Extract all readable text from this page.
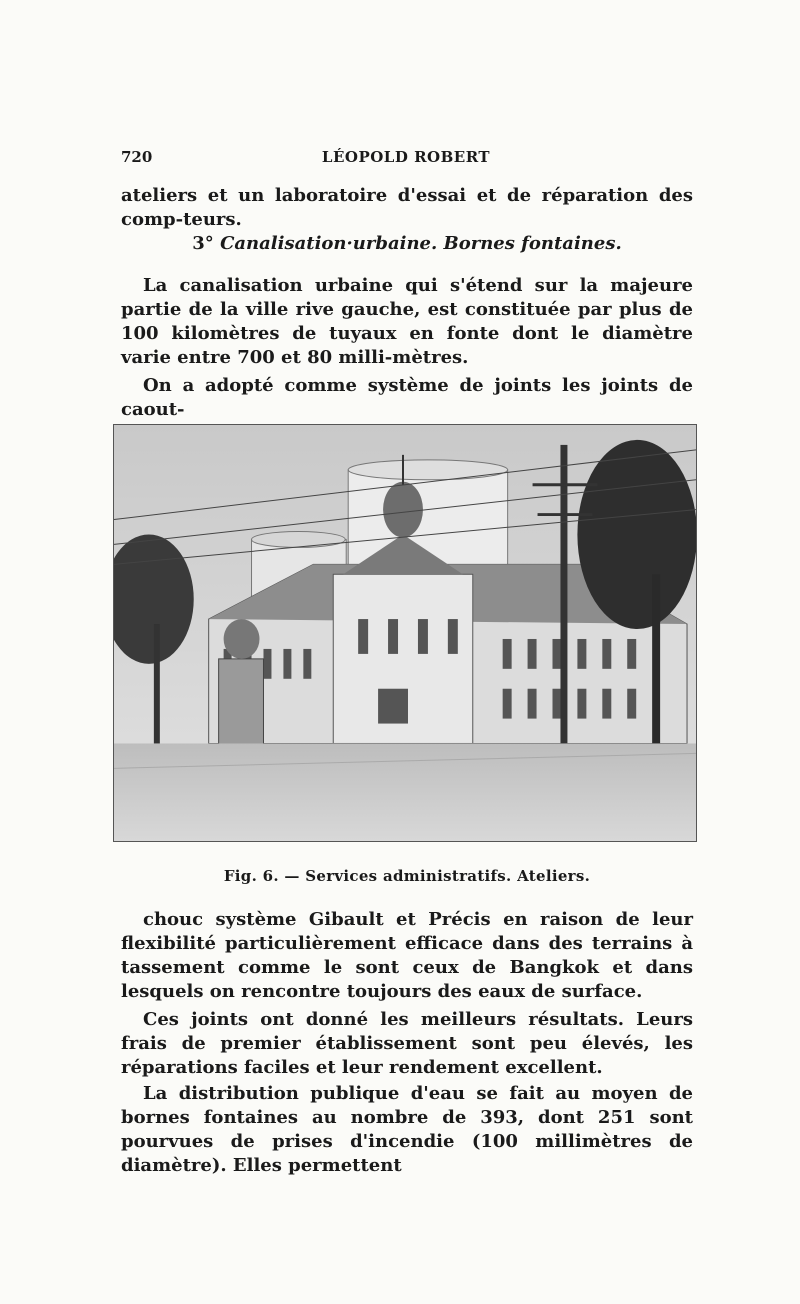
720	LÉOPOLD ROBERT

ateliers et un laboratoire d'essai et de réparation des comp-teurs.

3° Canalisation·urbaine. Bornes fontaines.

La canalisation urbaine qui s'étend sur la majeure partie de la ville rive gauche, est constituée par plus de 100 kilomètres de tuyaux en fonte dont le diamètre varie entre 700 et 80 milli-mètres.

On a adopté comme système de joints les joints de caout-

Fig. 6. — Services administratifs. Ateliers.

chouc système Gibault et Précis en raison de leur flexibilité particulièrement efficace dans des terrains à tassement comme le sont ceux de Bangkok et dans lesquels on rencontre toujours des eaux de surface.

Ces joints ont donné les meilleurs résultats. Leurs frais de premier établissement sont peu élevés, les réparations faciles et leur rendement excellent.

La distribution publique d'eau se fait au moyen de bornes fontaines au nombre de 393, dont 251 sont pourvues de prises d'incendie (100 millimètres de diamètre). Elles permettent
